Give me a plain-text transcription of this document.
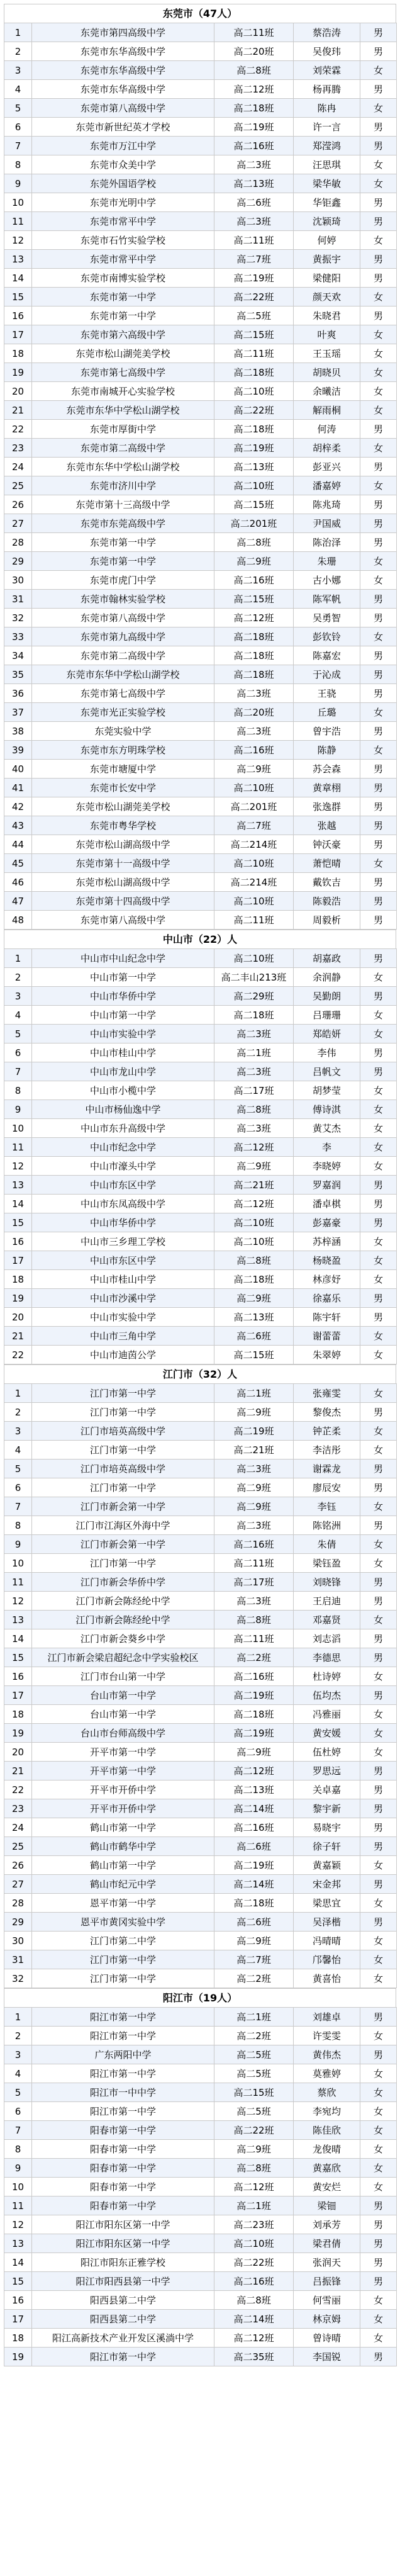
东莞市（47人）
1	东莞市第四高级中学	高二11班	蔡浩涛	男
2	东莞市东华高级中学	高二20班	吴俊玮	男
3	东莞市东华高级中学	高二8班	刘荣霖	女
4	东莞市东华高级中学	高二12班	杨再腾	男
5	东莞市第八高级中学	高二18班	陈冉	女
6	东莞市新世纪英才学校	高二19班	许一言	男
7	东莞市万江中学	高二16班	郑滢鸿	男
8	东莞市众美中学	高二3班	汪思琪	女
9	东莞外国语学校	高二13班	梁华敏	女
10	东莞市光明中学	高二6班	华钜鑫	男
11	东莞市常平中学	高二3班	沈颖琦	男
12	东莞市石竹实验学校	高二11班	何婷	女
13	东莞市常平中学	高二7班	黄振宇	男
14	东莞市南博实验学校	高二19班	梁健阳	男
15	东莞市第一中学	高二22班	颜天欢	女
16	东莞市第一中学	高二5班	朱晓君	男
17	东莞市第六高级中学	高二15班	叶爽	女
18	东莞市松山湖莞美学校	高二11班	王玉瑶	女
19	东莞市第七高级中学	高二18班	胡晓贝	女
20	东莞市南城开心实验学校	高二10班	余曦洁	女
21	东莞市东华中学松山湖学校	高二22班	解雨桐	女
22	东莞市厚街中学	高二18班	何涛	男
23	东莞市第二高级中学	高二19班	胡梓柔	女
24	东莞市东华中学松山湖学校	高二13班	彭亚兴	男
25	东莞市济川中学	高二10班	潘嘉婷	女
26	东莞市第十三高级中学	高二15班	陈兆琦	男
27	东莞市东莞高级中学	高二201班	尹国威	男
28	东莞市第一中学	高二8班	陈治泽	男
29	东莞市第一中学	高二9班	朱珊	女
30	东莞市虎门中学	高二16班	古小娜	女
31	东莞市翰林实验学校	高二15班	陈军帆	男
32	东莞市第八高级中学	高二12班	吴勇智	男
33	东莞市第九高级中学	高二18班	彭钦铃	女
34	东莞市第二高级中学	高二18班	陈嘉宏	男
35	东莞市东华中学松山湖学校	高二18班	于沁成	男
36	东莞市第七高级中学	高二3班	王骁	男
37	东莞市光正实验学校	高二20班	丘璐	女
38	东莞实验中学	高二3班	曾宇浩	男
39	东莞市东方明珠学校	高二16班	陈静	女
40	东莞市塘厦中学	高二9班	苏会森	男
41	东莞市长安中学	高二10班	黄章栩	男
42	东莞市松山湖莞美学校	高二201班	张逸群	男
43	东莞市粤华学校	高二7班	张越	男
44	东莞市松山湖高级中学	高二214班	钟沃豪	男
45	东莞市第十一高级中学	高二10班	萧恺晴	女
46	东莞市松山湖高级中学	高二214班	戴钦吉	男
47	东莞市第十四高级中学	高二10班	陈毅浩	男
48	东莞市第八高级中学	高二11班	周毅析	男
中山市（22）人
1	中山市中山纪念中学	高二10班	胡嘉政	男
2	中山市第一中学	高二丰山213班	余润静	女
3	中山市华侨中学	高二29班	吴勤朗	男
4	中山市第一中学	高二18班	吕珊珊	女
5	中山市实验中学	高二3班	郑皓妍	女
6	中山市桂山中学	高二1班	李伟	男
7	中山市龙山中学	高二3班	吕帆文	男
8	中山市小榄中学	高二17班	胡梦莹	女
9	中山市杨仙逸中学	高二8班	傅诗淇	女
10	中山市东升高级中学	高二3班	黄艾杰	女
11	中山市纪念中学	高二12班	李	女
12	中山市濠头中学	高二9班	李晓婷	女
13	中山市东区中学	高二21班	罗嘉润	男
14	中山市东凤高级中学	高二12班	潘卓棋	男
15	中山市华侨中学	高二10班	彭嘉豪	男
16	中山市三乡理工学校	高二10班	苏梓涵	女
17	中山市东区中学	高二8班	杨晓盈	女
18	中山市桂山中学	高二18班	林彦妤	女
19	中山市沙溪中学	高二9班	徐嘉乐	男
20	中山市实验中学	高二13班	陈宇轩	男
21	中山市三角中学	高二6班	谢蕾蕾	女
22	中山市迪茵公学	高二15班	朱翠婷	女
江门市（32）人
1	江门市第一中学	高二1班	张雍雯	女
2	江门市第一中学	高二9班	黎俊杰	男
3	江门市培英高级中学	高二19班	钟芷柔	女
4	江门市第一中学	高二21班	李洁彤	女
5	江门市培英高级中学	高二3班	谢霖龙	男
6	江门市第一中学	高二9班	廖辰安	男
7	江门市新会第一中学	高二9班	李钰	女
8	江门市江海区外海中学	高二3班	陈铭洲	男
9	江门市新会第一中学	高二16班	朱倩	女
10	江门市第一中学	高二11班	梁钰盈	女
11	江门市新会华侨中学	高二17班	刘晓锋	男
12	江门市新会陈经纶中学	高二3班	王启迪	男
13	江门市新会陈经纶中学	高二8班	邓嘉贤	女
14	江门市新会葵乡中学	高二11班	刘志滔	男
15	江门市新会梁启超纪念中学实验校区	高二2班	李德思	男
16	江门市台山第一中学	高二16班	杜诗婷	女
17	台山市第一中学	高二19班	伍均杰	男
18	台山市第一中学	高二18班	冯雅丽	女
19	台山市台师高级中学	高二19班	黄安媛	女
20	开平市第一中学	高二9班	伍杜婷	女
21	开平市第一中学	高二12班	罗思远	男
22	开平市开侨中学	高二13班	关卓嘉	男
23	开平市开侨中学	高二14班	黎宇新	男
24	鹤山市第一中学	高二16班	易晓宇	男
25	鹤山市鹤华中学	高二6班	徐子轩	男
26	鹤山市第一中学	高二19班	黄嘉颖	女
27	鹤山市纪元中学	高二14班	宋金邦	男
28	恩平市第一中学	高二18班	梁思宜	女
29	恩平市黄冈实验中学	高二6班	吴泽楷	男
30	江门市第二中学	高二9班	冯晴晴	女
31	江门市第一中学	高二7班	邝馨怡	女
32	江门市第一中学	高二2班	黄喜怡	女
阳江市（19人）
1	阳江市第一中学	高二1班	刘雄卓	男
2	阳江市第一中学	高二2班	许雯雯	女
3	广东两阳中学	高二5班	黄伟杰	男
4	阳江市第一中学	高二5班	莫雅婷	女
5	阳江市一中中学	高二15班	蔡欣	女
6	阳江市第一中学	高二5班	李宛均	女
7	阳春市第一中学	高二22班	陈佳欣	女
8	阳春市第一中学	高二9班	龙俊晴	女
9	阳春市第一中学	高二8班	黄嘉欣	女
10	阳春市第一中学	高二12班	黄安烂	女
11	阳春市第一中学	高二1班	梁钿	男
12	阳江市阳东区第一中学	高二23班	刘承芳	男
13	阳江市阳东区第一中学	高二10班	梁君倩	男
14	阳江市阳东正雅学校	高二22班	张润天	男
15	阳江市阳西县第一中学	高二16班	吕振锋	男
16	阳西县第二中学	高二8班	何雪丽	女
17	阳西县第二中学	高二14班	林京姆	女
18	阳江高新技术产业开发区溪淌中学	高二12班	曾诗晴	女
19	阳江市第一中学	高二35班	李国锐	男
